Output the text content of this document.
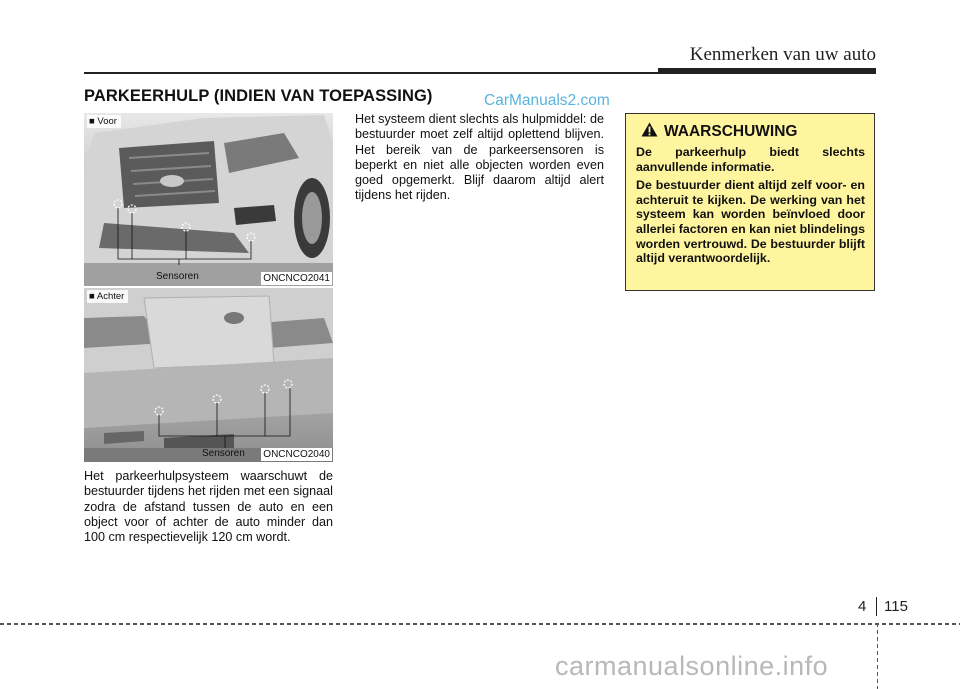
Kenmerken van uw auto
PARKEERHULP (INDIEN VAN TOEPASSING)	CarManuals2.com
■ Voor
Sensoren	ONCNCO2041
■ Achter
Sensoren ONCNCO2040
Het parkeerhulpsysteem waarschuwt de bestuurder tijdens het rijden met een signaal zodra de afstand tussen de auto en een object voor of achter de auto minder dan 100 cm respectievelijk 120 cm wordt.
Het systeem dient slechts als hulpmiddel: de bestuurder moet zelf altijd oplettend blijven. Het bereik van de parkeersensoren is beperkt en niet alle objecten worden even goed opgemerkt. Blijf daarom altijd alert tijdens het rijden.
WAARSCHUWING

De parkeerhulp biedt slechts aanvullende informatie.

De bestuurder dient altijd zelf voor- en achteruit te kijken. De werking van het systeem kan worden beïnvloed door allerlei factoren en kan niet blindelings worden vertrouwd. De bestuurder blijft altijd verantwoordelijk.

4 115
carmanualsonline.info
